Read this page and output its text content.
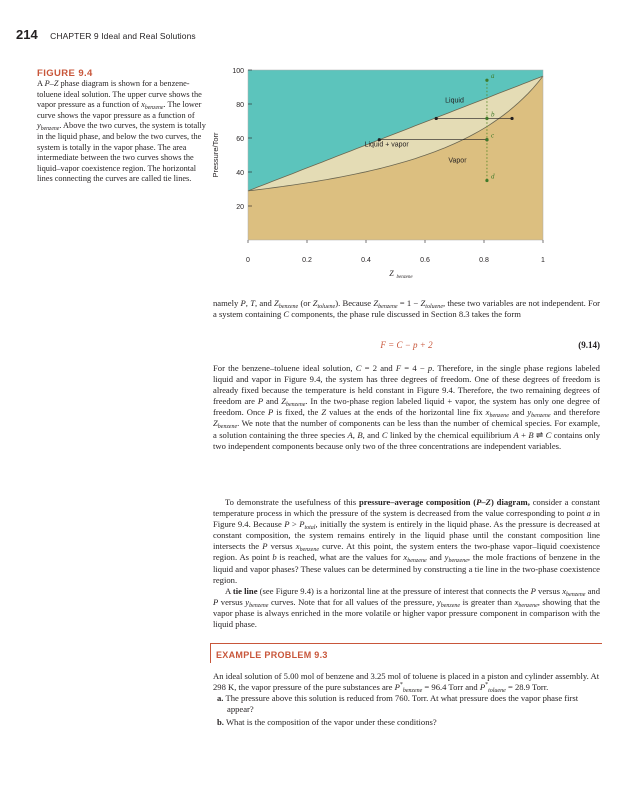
214 CHAPTER 9 Ideal and Real Solutions
FIGURE 9.4
A P–Z phase diagram is shown for a benzene-toluene ideal solution. The upper curve shows the vapor pressure as a function of $x_{benzene}$. The lower curve shows the vapor pressure as a function of $y_{benzene}$. Above the two curves, the system is totally in the liquid phase, and below the two curves, the system is totally in the vapor phase. The area intermediate between the two curves shows the liquid–vapor coexistence region. The horizontal lines connecting the curves are called tie lines.
20
40
60
80
100
0	0.2	0.4	0.6	0.8	1
Pressure/Torr
Z benzene
Liquid
Liquid + vapor
Vapor
a
b
c
d
namely P, T, and $Z_{benzene}$ (or $Z_{toluene}$). Because $Z_{benzene} = 1 - Z_{toluene}$, these two variables are not independent. For a system containing C components, the phase rule discussed in Section 8.3 takes the form
F = C − p + 2	(9.14)
For the benzene–toluene ideal solution, C = 2 and F = 4 − p. Therefore, in the single phase regions labeled liquid and vapor in Figure 9.4, the system has three degrees of freedom. One of these degrees of freedom is already fixed because the temperature is held constant in Figure 9.4. Therefore, the two remaining degrees of freedom are P and $Z_{benzene}$. In the two-phase region labeled liquid + vapor, the system has only one degree of freedom. Once P is fixed, the Z values at the ends of the horizontal line fix $x_{benzene}$ and $y_{benzene}$ and therefore $Z_{benzene}$. We note that the number of components can be less than the number of chemical species. For example, a solution containing the three species A, B, and C linked by the chemical equilibrium A + B ⇌ C contains only two independent components because only two of the three concentrations are independent variables.
To demonstrate the usefulness of this pressure–average composition (P–Z) diagram, consider a constant temperature process in which the pressure of the system is decreased from the value corresponding to point a in Figure 9.4. Because $P > P_{total}$, initially the system is entirely in the liquid phase. As the pressure is decreased at constant composition, the system remains entirely in the liquid phase until the constant composition line intersects the P versus $x_{benzene}$ curve. At this point, the system enters the two-phase vapor–liquid coexistence region. As point b is reached, what are the values for $x_{benzene}$ and $y_{benzene}$, the mole fractions of benzene in the liquid and vapor phases? These values can be determined by constructing a tie line in the two-phase coexistence region.
A tie line (see Figure 9.4) is a horizontal line at the pressure of interest that connects the P versus $x_{benzene}$ and P versus $y_{benzene}$ curves. Note that for all values of the pressure, $y_{benzene}$ is greater than $x_{benzene}$, showing that the vapor phase is always enriched in the more volatile or higher vapor pressure component in comparison with the liquid phase.
EXAMPLE PROBLEM 9.3

An ideal solution of 5.00 mol of benzene and 3.25 mol of toluene is placed in a piston and cylinder assembly. At 298 K, the vapor pressure of the pure substances are $P^*_{benzene} = 96.4$ Torr and $P^*_{toluene} = 28.9$ Torr.

a. The pressure above this solution is reduced from 760. Torr. At what pressure does the vapor phase first appear?

b. What is the composition of the vapor under these conditions?
